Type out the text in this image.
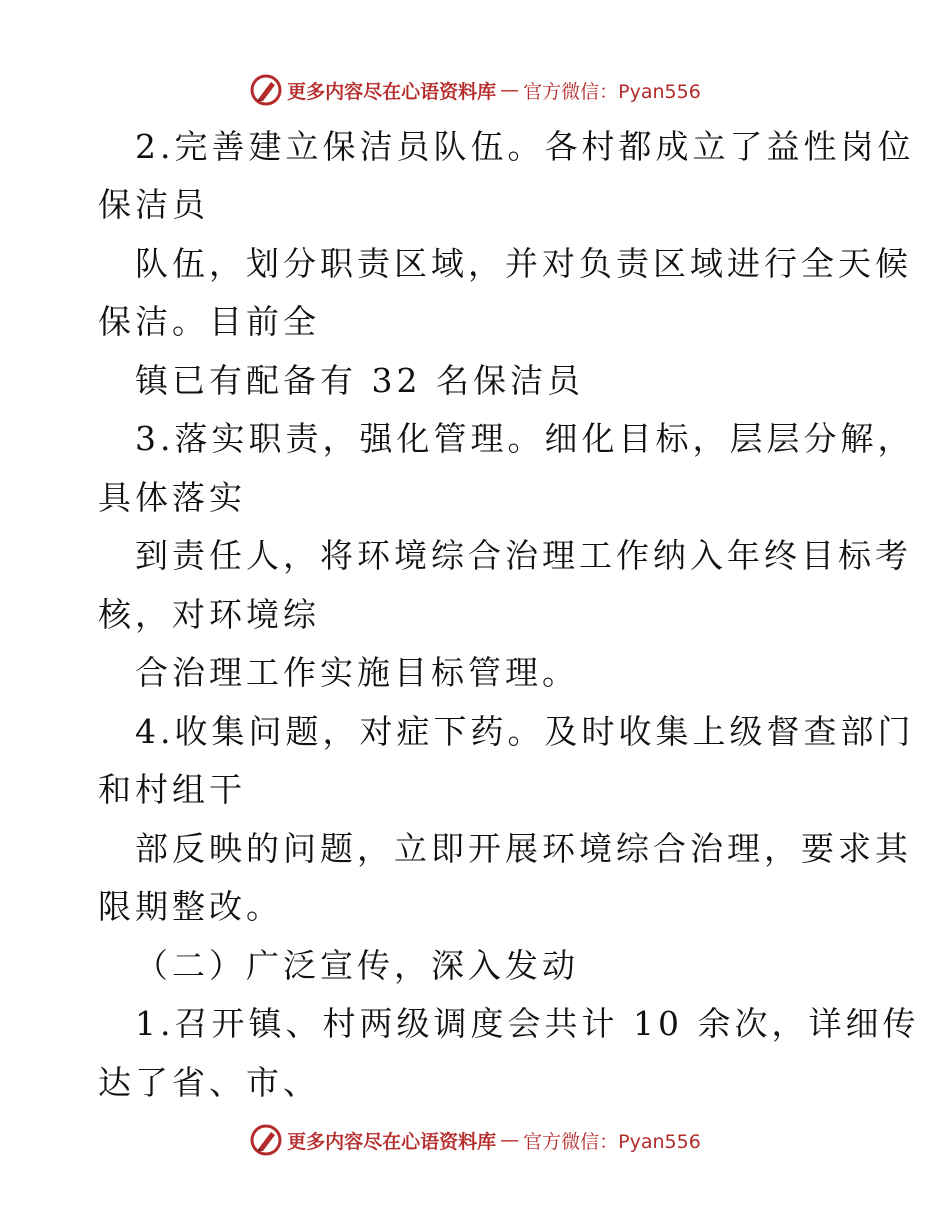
更多内容尽在心语资料库 — 官方微信：Pyan556
2.完善建立保洁员队伍。各村都成立了益性岗位
保洁员
队伍，划分职责区域，并对负责区域进行全天候
保洁。目前全
镇已有配备有 32 名保洁员
3.落实职责，强化管理。细化目标，层层分解，
具体落实
到责任人，将环境综合治理工作纳入年终目标考
核，对环境综
合治理工作实施目标管理。
4.收集问题，对症下药。及时收集上级督查部门
和村组干
部反映的问题，立即开展环境综合治理，要求其
限期整改。
（二）广泛宣传，深入发动
1.召开镇、村两级调度会共计 10 余次，详细传
达了省、市、
更多内容尽在心语资料库 — 官方微信：Pyan556
